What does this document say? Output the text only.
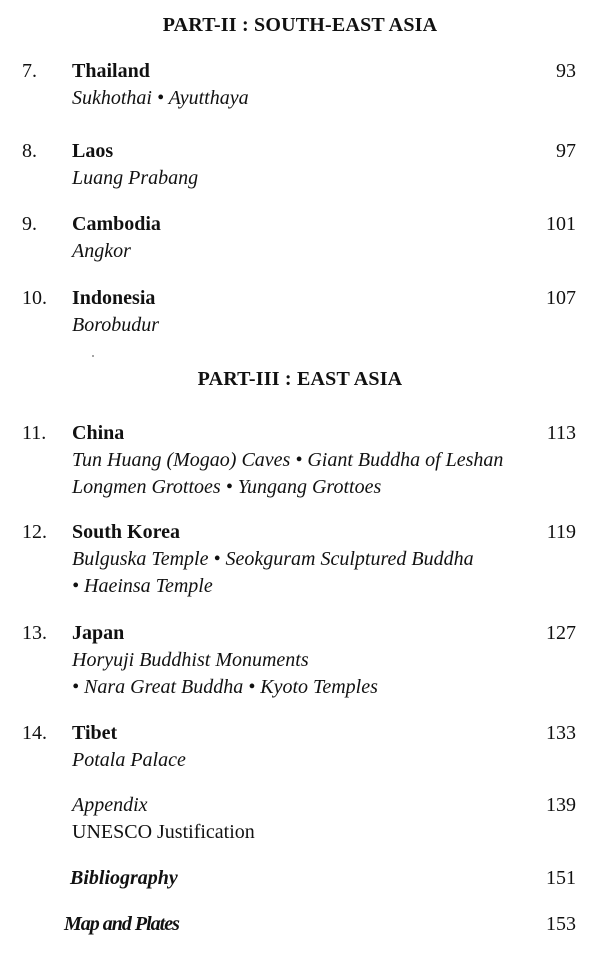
PART-II : SOUTH-EAST ASIA
7. Thailand	93
Sukhothai • Ayutthaya
8. Laos	97
Luang Prabang
9. Cambodia	101
Angkor
10. Indonesia	107
Borobudur
PART-III : EAST ASIA
11. China	113
Tun Huang (Mogao) Caves • Giant Buddha of Leshan
Longmen Grottoes • Yungang Grottoes
12. South Korea	119
Bulguska Temple • Seokguram Sculptured Buddha
• Haeinsa Temple
13. Japan	127
Horyuji Buddhist Monuments
• Nara Great Buddha • Kyoto Temples
14. Tibet	133
Potala Palace
Appendix	139
UNESCO Justification
Bibliography	151
Map and Plates	153
